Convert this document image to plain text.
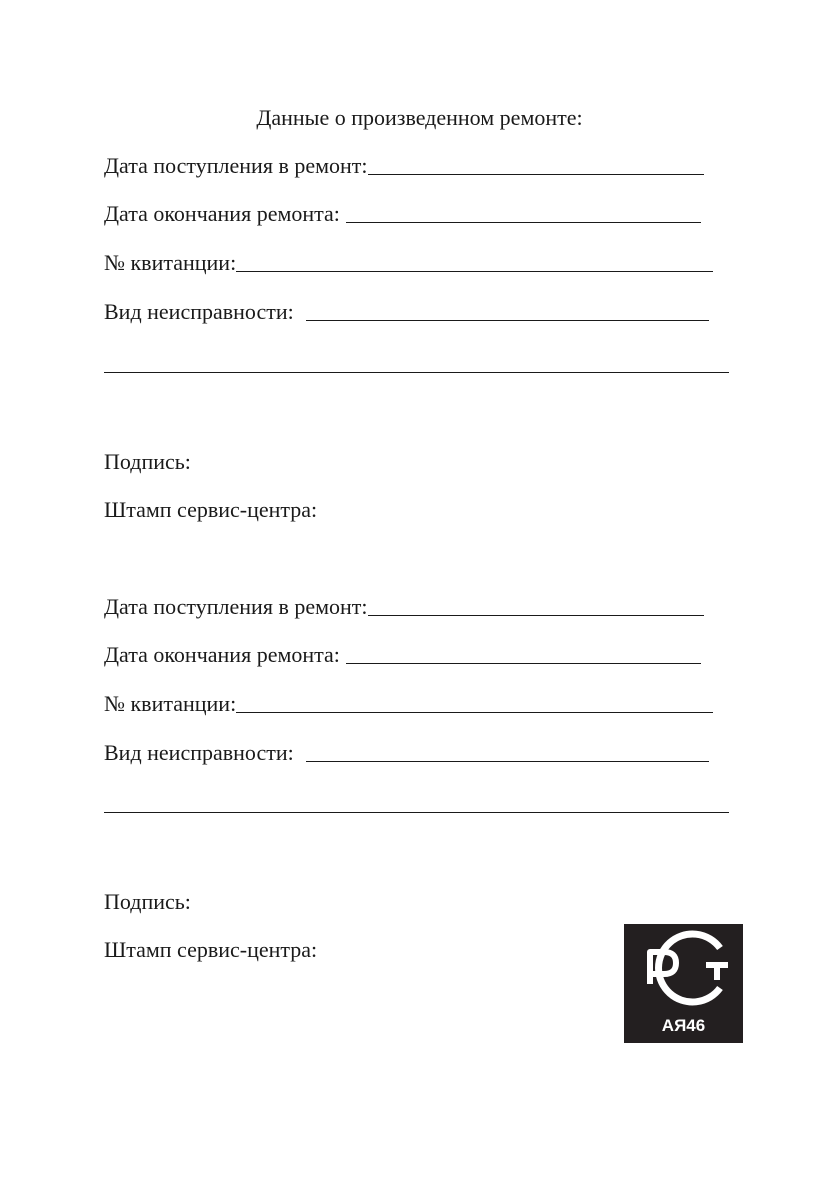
Данные о произведенном ремонте:
Дата поступления в ремонт:
Дата окончания ремонта:
№ квитанции:
Вид неисправности:
Подпись:
Штамп сервис-центра:
Дата поступления в ремонт:
Дата окончания ремонта:
№ квитанции:
Вид неисправности:
Подпись:
Штамп сервис-центра:
АЯ46
